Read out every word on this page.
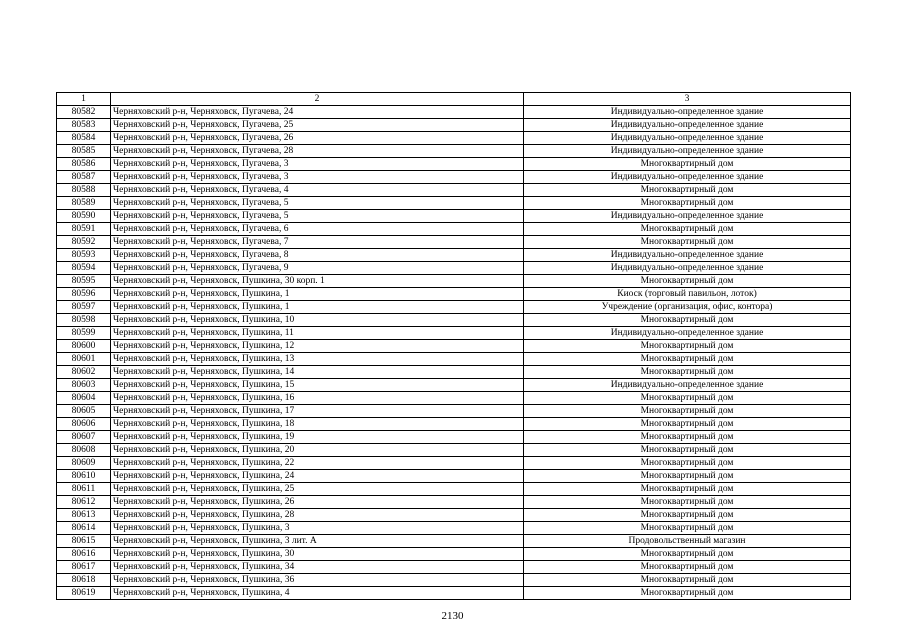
1	2	3
80582	Черняховский р-н, Черняховск, Пугачева, 24	Индивидуально-определенное здание
80583	Черняховский р-н, Черняховск, Пугачева, 25	Индивидуально-определенное здание
80584	Черняховский р-н, Черняховск, Пугачева, 26	Индивидуально-определенное здание
80585	Черняховский р-н, Черняховск, Пугачева, 28	Индивидуально-определенное здание
80586	Черняховский р-н, Черняховск, Пугачева, 3	Многоквартирный дом
80587	Черняховский р-н, Черняховск, Пугачева, 3	Индивидуально-определенное здание
80588	Черняховский р-н, Черняховск, Пугачева, 4	Многоквартирный дом
80589	Черняховский р-н, Черняховск, Пугачева, 5	Многоквартирный дом
80590	Черняховский р-н, Черняховск, Пугачева, 5	Индивидуально-определенное здание
80591	Черняховский р-н, Черняховск, Пугачева, 6	Многоквартирный дом
80592	Черняховский р-н, Черняховск, Пугачева, 7	Многоквартирный дом
80593	Черняховский р-н, Черняховск, Пугачева, 8	Индивидуально-определенное здание
80594	Черняховский р-н, Черняховск, Пугачева, 9	Индивидуально-определенное здание
80595	Черняховский р-н, Черняховск, Пушкина, 30 корп. 1	Многоквартирный дом
80596	Черняховский р-н, Черняховск, Пушкина, 1	Киоск (торговый павильон, лоток)
80597	Черняховский р-н, Черняховск, Пушкина, 1	Учреждение (организация, офис, контора)
80598	Черняховский р-н, Черняховск, Пушкина, 10	Многоквартирный дом
80599	Черняховский р-н, Черняховск, Пушкина, 11	Индивидуально-определенное здание
80600	Черняховский р-н, Черняховск, Пушкина, 12	Многоквартирный дом
80601	Черняховский р-н, Черняховск, Пушкина, 13	Многоквартирный дом
80602	Черняховский р-н, Черняховск, Пушкина, 14	Многоквартирный дом
80603	Черняховский р-н, Черняховск, Пушкина, 15	Индивидуально-определенное здание
80604	Черняховский р-н, Черняховск, Пушкина, 16	Многоквартирный дом
80605	Черняховский р-н, Черняховск, Пушкина, 17	Многоквартирный дом
80606	Черняховский р-н, Черняховск, Пушкина, 18	Многоквартирный дом
80607	Черняховский р-н, Черняховск, Пушкина, 19	Многоквартирный дом
80608	Черняховский р-н, Черняховск, Пушкина, 20	Многоквартирный дом
80609	Черняховский р-н, Черняховск, Пушкина, 22	Многоквартирный дом
80610	Черняховский р-н, Черняховск, Пушкина, 24	Многоквартирный дом
80611	Черняховский р-н, Черняховск, Пушкина, 25	Многоквартирный дом
80612	Черняховский р-н, Черняховск, Пушкина, 26	Многоквартирный дом
80613	Черняховский р-н, Черняховск, Пушкина, 28	Многоквартирный дом
80614	Черняховский р-н, Черняховск, Пушкина, 3	Многоквартирный дом
80615	Черняховский р-н, Черняховск, Пушкина, 3 лит. А	Продовольственный магазин
80616	Черняховский р-н, Черняховск, Пушкина, 30	Многоквартирный дом
80617	Черняховский р-н, Черняховск, Пушкина, 34	Многоквартирный дом
80618	Черняховский р-н, Черняховск, Пушкина, 36	Многоквартирный дом
80619	Черняховский р-н, Черняховск, Пушкина, 4	Многоквартирный дом
2130
